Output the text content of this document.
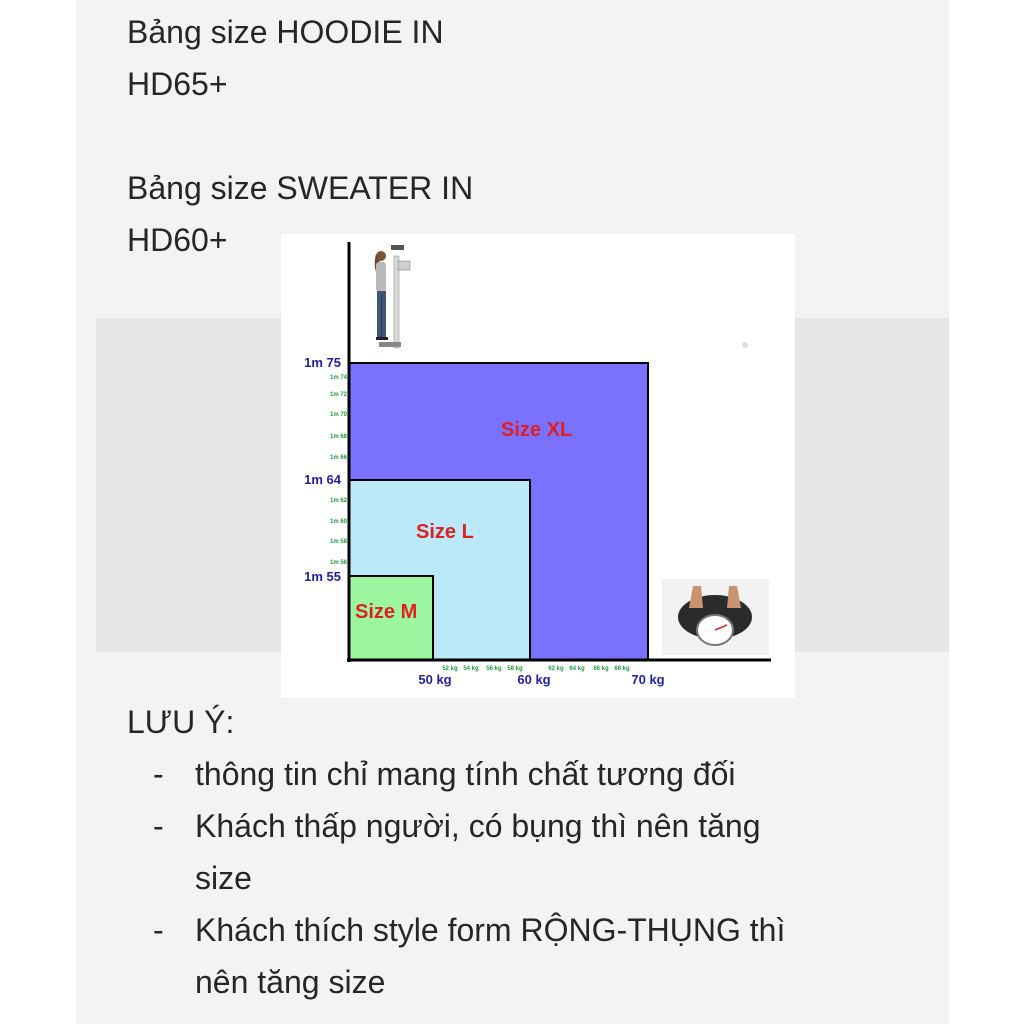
Bảng size HOODIE IN
HD65+
Bảng size SWEATER IN
HD60+
Size XL
Size L
Size M
1m 75
1m 64
1m 55
1m 74
1m 72
1m 70
1m 68
1m 66
1m 62
1m 60
1m 58
1m 56
50 kg	60 kg	70 kg
52 kg 54 kg 56 kg 58 kg	62 kg 64 kg 66 kg 68 kg

LƯU Ý:

- thông tin chỉ mang tính chất tương đối
- Khách thấp người, có bụng thì nên tăng
size
- Khách thích style form RỘNG-THỤNG thì
nên tăng size
